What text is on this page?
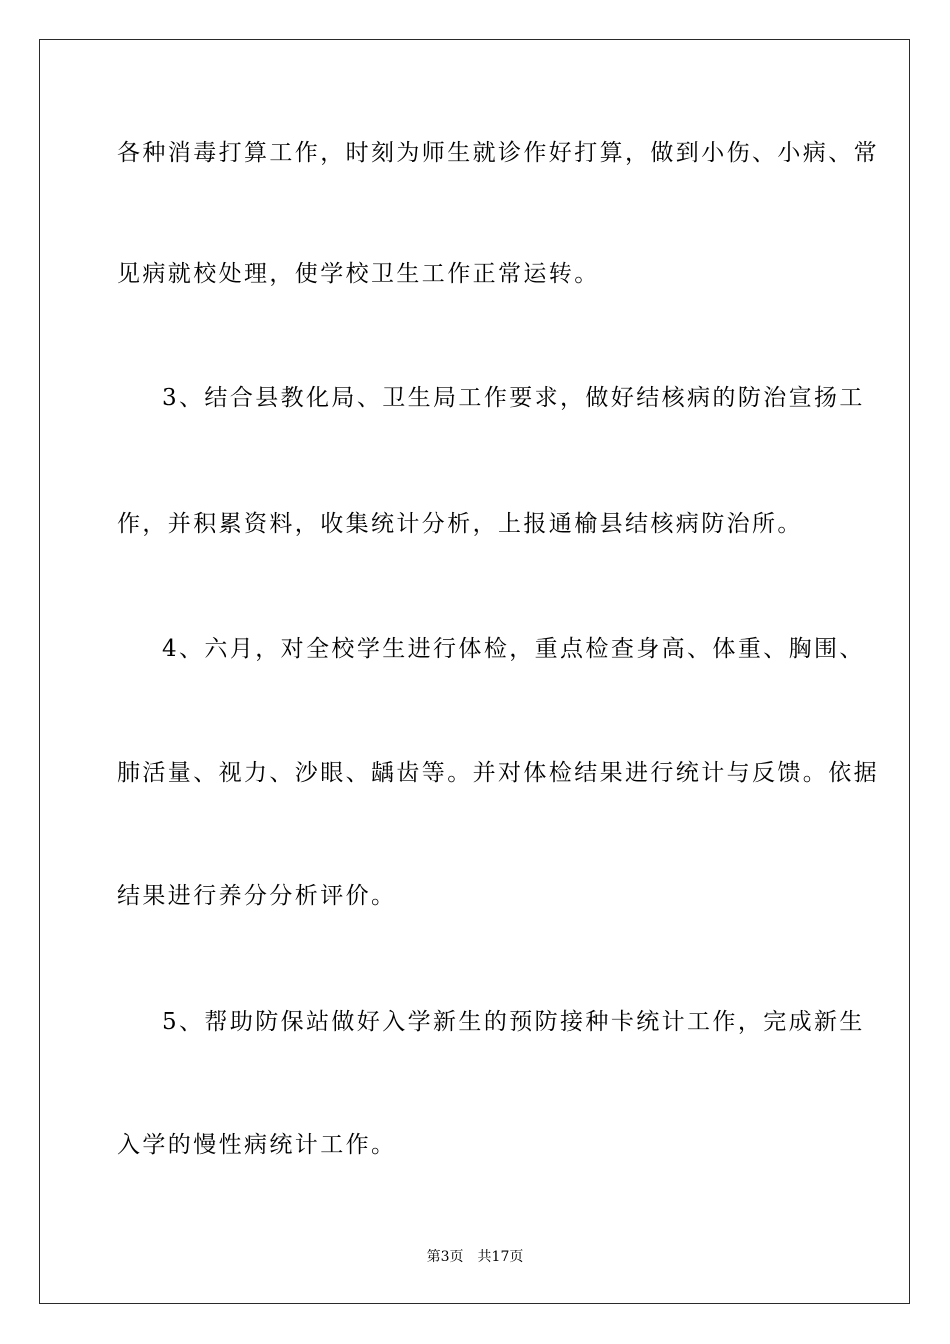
各种消毒打算工作，时刻为师生就诊作好打算，做到小伤、小病、常
见病就校处理，使学校卫生工作正常运转。
3、结合县教化局、卫生局工作要求，做好结核病的防治宣扬工
作，并积累资料，收集统计分析，上报通榆县结核病防治所。
4、六月，对全校学生进行体检，重点检查身高、体重、胸围、
肺活量、视力、沙眼、龋齿等。并对体检结果进行统计与反馈。依据
结果进行养分分析评价。
5、帮助防保站做好入学新生的预防接种卡统计工作，完成新生
入学的慢性病统计工作。
第3页 共17页
